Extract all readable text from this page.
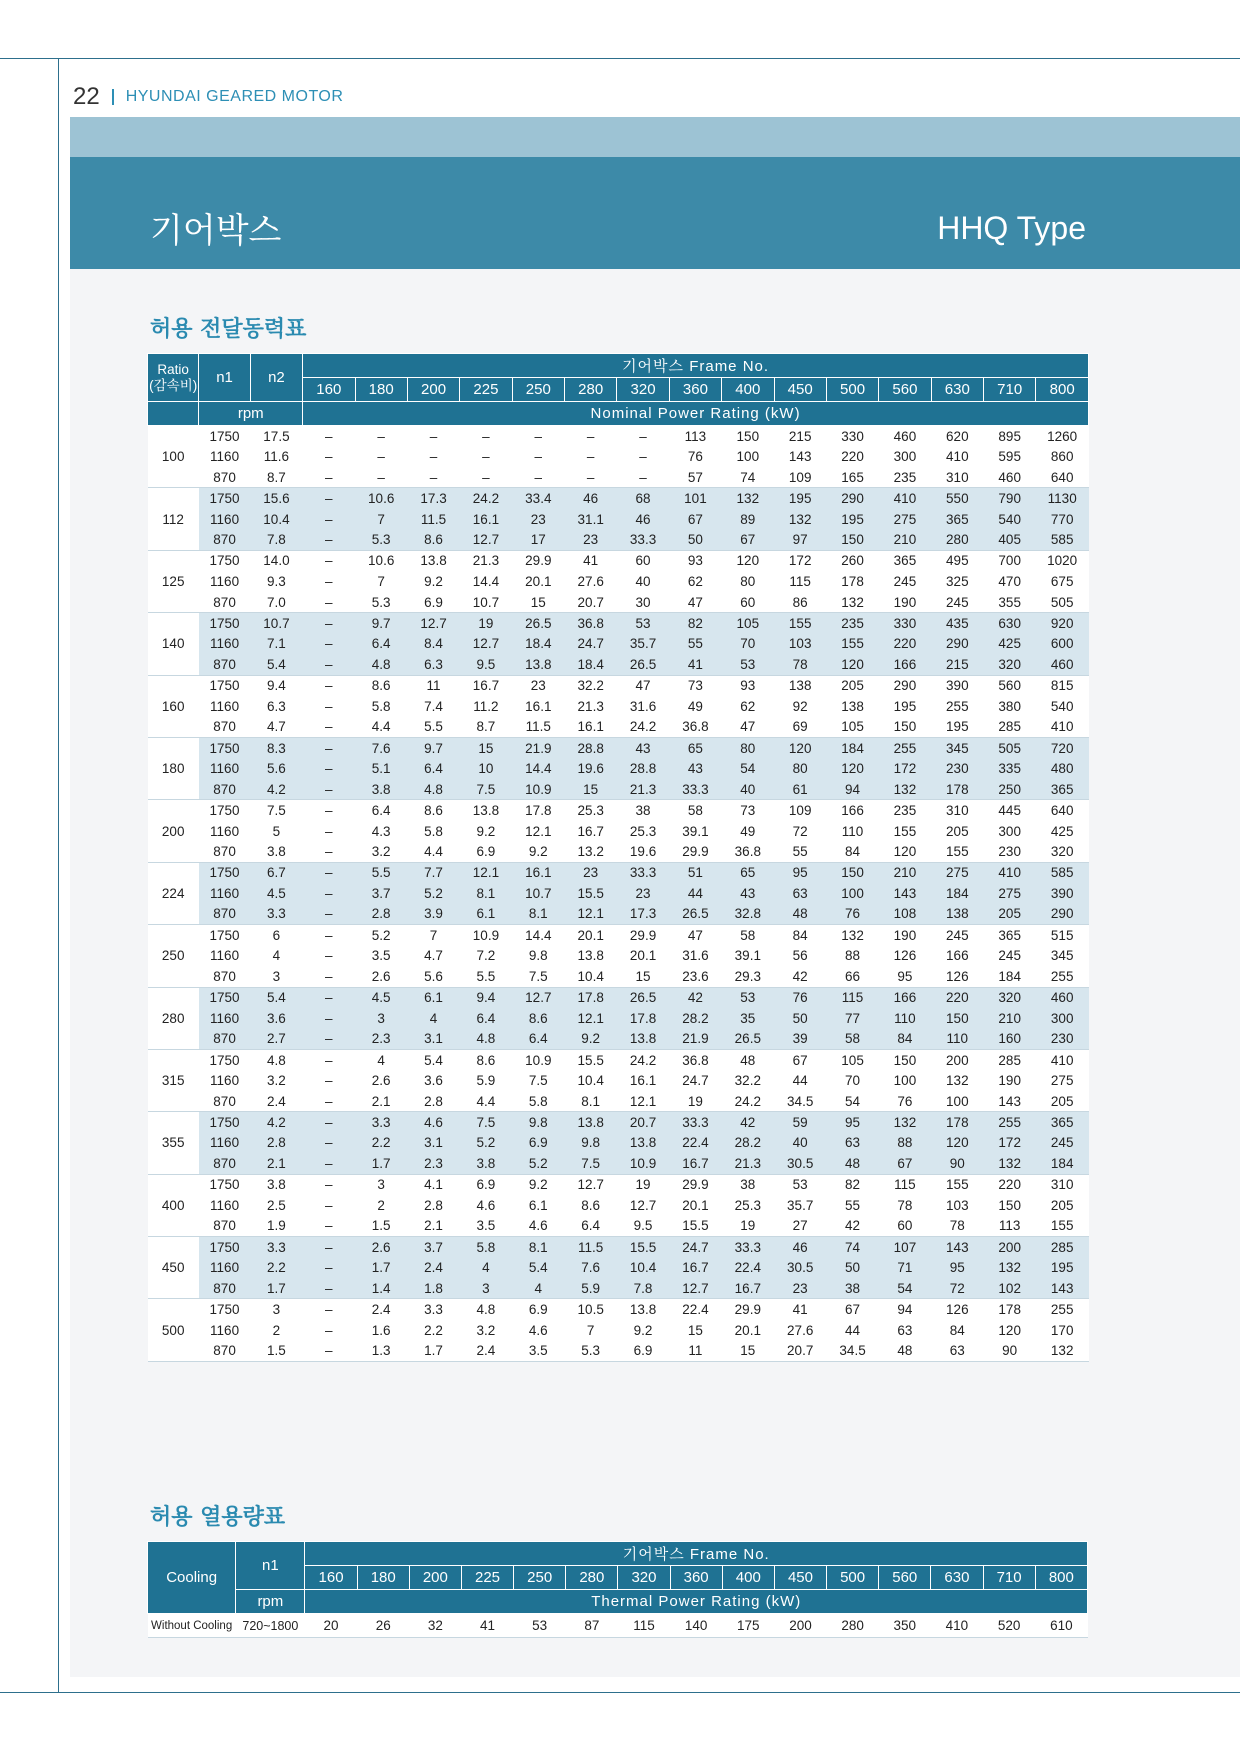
22 HYUNDAI GEARED MOTOR
기어박스	HHQ Type
허용 전달동력표
Ratio
(감속비)	n1	n2	기어박스 Frame No.														
			160	180	200	225	250	280	320	360	400	450	500	560	630	710	800
	rpm		Nominal Power Rating (kW)														
100	1750	17.5	–	–	–	–	–	–	–	113	150	215	330	460	620	895	1260
	1160	11.6	–	–	–	–	–	–	–	76	100	143	220	300	410	595	860
	870	8.7	–	–	–	–	–	–	–	57	74	109	165	235	310	460	640
112	1750	15.6	–	10.6	17.3	24.2	33.4	46	68	101	132	195	290	410	550	790	1130
	1160	10.4	–	7	11.5	16.1	23	31.1	46	67	89	132	195	275	365	540	770
	870	7.8	–	5.3	8.6	12.7	17	23	33.3	50	67	97	150	210	280	405	585
125	1750	14.0	–	10.6	13.8	21.3	29.9	41	60	93	120	172	260	365	495	700	1020
	1160	9.3	–	7	9.2	14.4	20.1	27.6	40	62	80	115	178	245	325	470	675
	870	7.0	–	5.3	6.9	10.7	15	20.7	30	47	60	86	132	190	245	355	505
140	1750	10.7	–	9.7	12.7	19	26.5	36.8	53	82	105	155	235	330	435	630	920
	1160	7.1	–	6.4	8.4	12.7	18.4	24.7	35.7	55	70	103	155	220	290	425	600
	870	5.4	–	4.8	6.3	9.5	13.8	18.4	26.5	41	53	78	120	166	215	320	460
160	1750	9.4	–	8.6	11	16.7	23	32.2	47	73	93	138	205	290	390	560	815
	1160	6.3	–	5.8	7.4	11.2	16.1	21.3	31.6	49	62	92	138	195	255	380	540
	870	4.7	–	4.4	5.5	8.7	11.5	16.1	24.2	36.8	47	69	105	150	195	285	410
180	1750	8.3	–	7.6	9.7	15	21.9	28.8	43	65	80	120	184	255	345	505	720
	1160	5.6	–	5.1	6.4	10	14.4	19.6	28.8	43	54	80	120	172	230	335	480
	870	4.2	–	3.8	4.8	7.5	10.9	15	21.3	33.3	40	61	94	132	178	250	365
200	1750	7.5	–	6.4	8.6	13.8	17.8	25.3	38	58	73	109	166	235	310	445	640
	1160	5	–	4.3	5.8	9.2	12.1	16.7	25.3	39.1	49	72	110	155	205	300	425
	870	3.8	–	3.2	4.4	6.9	9.2	13.2	19.6	29.9	36.8	55	84	120	155	230	320
224	1750	6.7	–	5.5	7.7	12.1	16.1	23	33.3	51	65	95	150	210	275	410	585
	1160	4.5	–	3.7	5.2	8.1	10.7	15.5	23	44	43	63	100	143	184	275	390
	870	3.3	–	2.8	3.9	6.1	8.1	12.1	17.3	26.5	32.8	48	76	108	138	205	290
250	1750	6	–	5.2	7	10.9	14.4	20.1	29.9	47	58	84	132	190	245	365	515
	1160	4	–	3.5	4.7	7.2	9.8	13.8	20.1	31.6	39.1	56	88	126	166	245	345
	870	3	–	2.6	5.6	5.5	7.5	10.4	15	23.6	29.3	42	66	95	126	184	255
280	1750	5.4	–	4.5	6.1	9.4	12.7	17.8	26.5	42	53	76	115	166	220	320	460
	1160	3.6	–	3	4	6.4	8.6	12.1	17.8	28.2	35	50	77	110	150	210	300
	870	2.7	–	2.3	3.1	4.8	6.4	9.2	13.8	21.9	26.5	39	58	84	110	160	230
315	1750	4.8	–	4	5.4	8.6	10.9	15.5	24.2	36.8	48	67	105	150	200	285	410
	1160	3.2	–	2.6	3.6	5.9	7.5	10.4	16.1	24.7	32.2	44	70	100	132	190	275
	870	2.4	–	2.1	2.8	4.4	5.8	8.1	12.1	19	24.2	34.5	54	76	100	143	205
355	1750	4.2	–	3.3	4.6	7.5	9.8	13.8	20.7	33.3	42	59	95	132	178	255	365
	1160	2.8	–	2.2	3.1	5.2	6.9	9.8	13.8	22.4	28.2	40	63	88	120	172	245
	870	2.1	–	1.7	2.3	3.8	5.2	7.5	10.9	16.7	21.3	30.5	48	67	90	132	184
400	1750	3.8	–	3	4.1	6.9	9.2	12.7	19	29.9	38	53	82	115	155	220	310
	1160	2.5	–	2	2.8	4.6	6.1	8.6	12.7	20.1	25.3	35.7	55	78	103	150	205
	870	1.9	–	1.5	2.1	3.5	4.6	6.4	9.5	15.5	19	27	42	60	78	113	155
450	1750	3.3	–	2.6	3.7	5.8	8.1	11.5	15.5	24.7	33.3	46	74	107	143	200	285
	1160	2.2	–	1.7	2.4	4	5.4	7.6	10.4	16.7	22.4	30.5	50	71	95	132	195
	870	1.7	–	1.4	1.8	3	4	5.9	7.8	12.7	16.7	23	38	54	72	102	143
500	1750	3	–	2.4	3.3	4.8	6.9	10.5	13.8	22.4	29.9	41	67	94	126	178	255
	1160	2	–	1.6	2.2	3.2	4.6	7	9.2	15	20.1	27.6	44	63	84	120	170
	870	1.5	–	1.3	1.7	2.4	3.5	5.3	6.9	11	15	20.7	34.5	48	63	90	132
허용 열용량표
Cooling	n1	기어박스 Frame No.														
		160	180	200	225	250	280	320	360	400	450	500	560	630	710	800
	rpm	Thermal Power Rating (kW)														
Without Cooling	720~1800	20	26	32	41	53	87	115	140	175	200	280	350	410	520	610
